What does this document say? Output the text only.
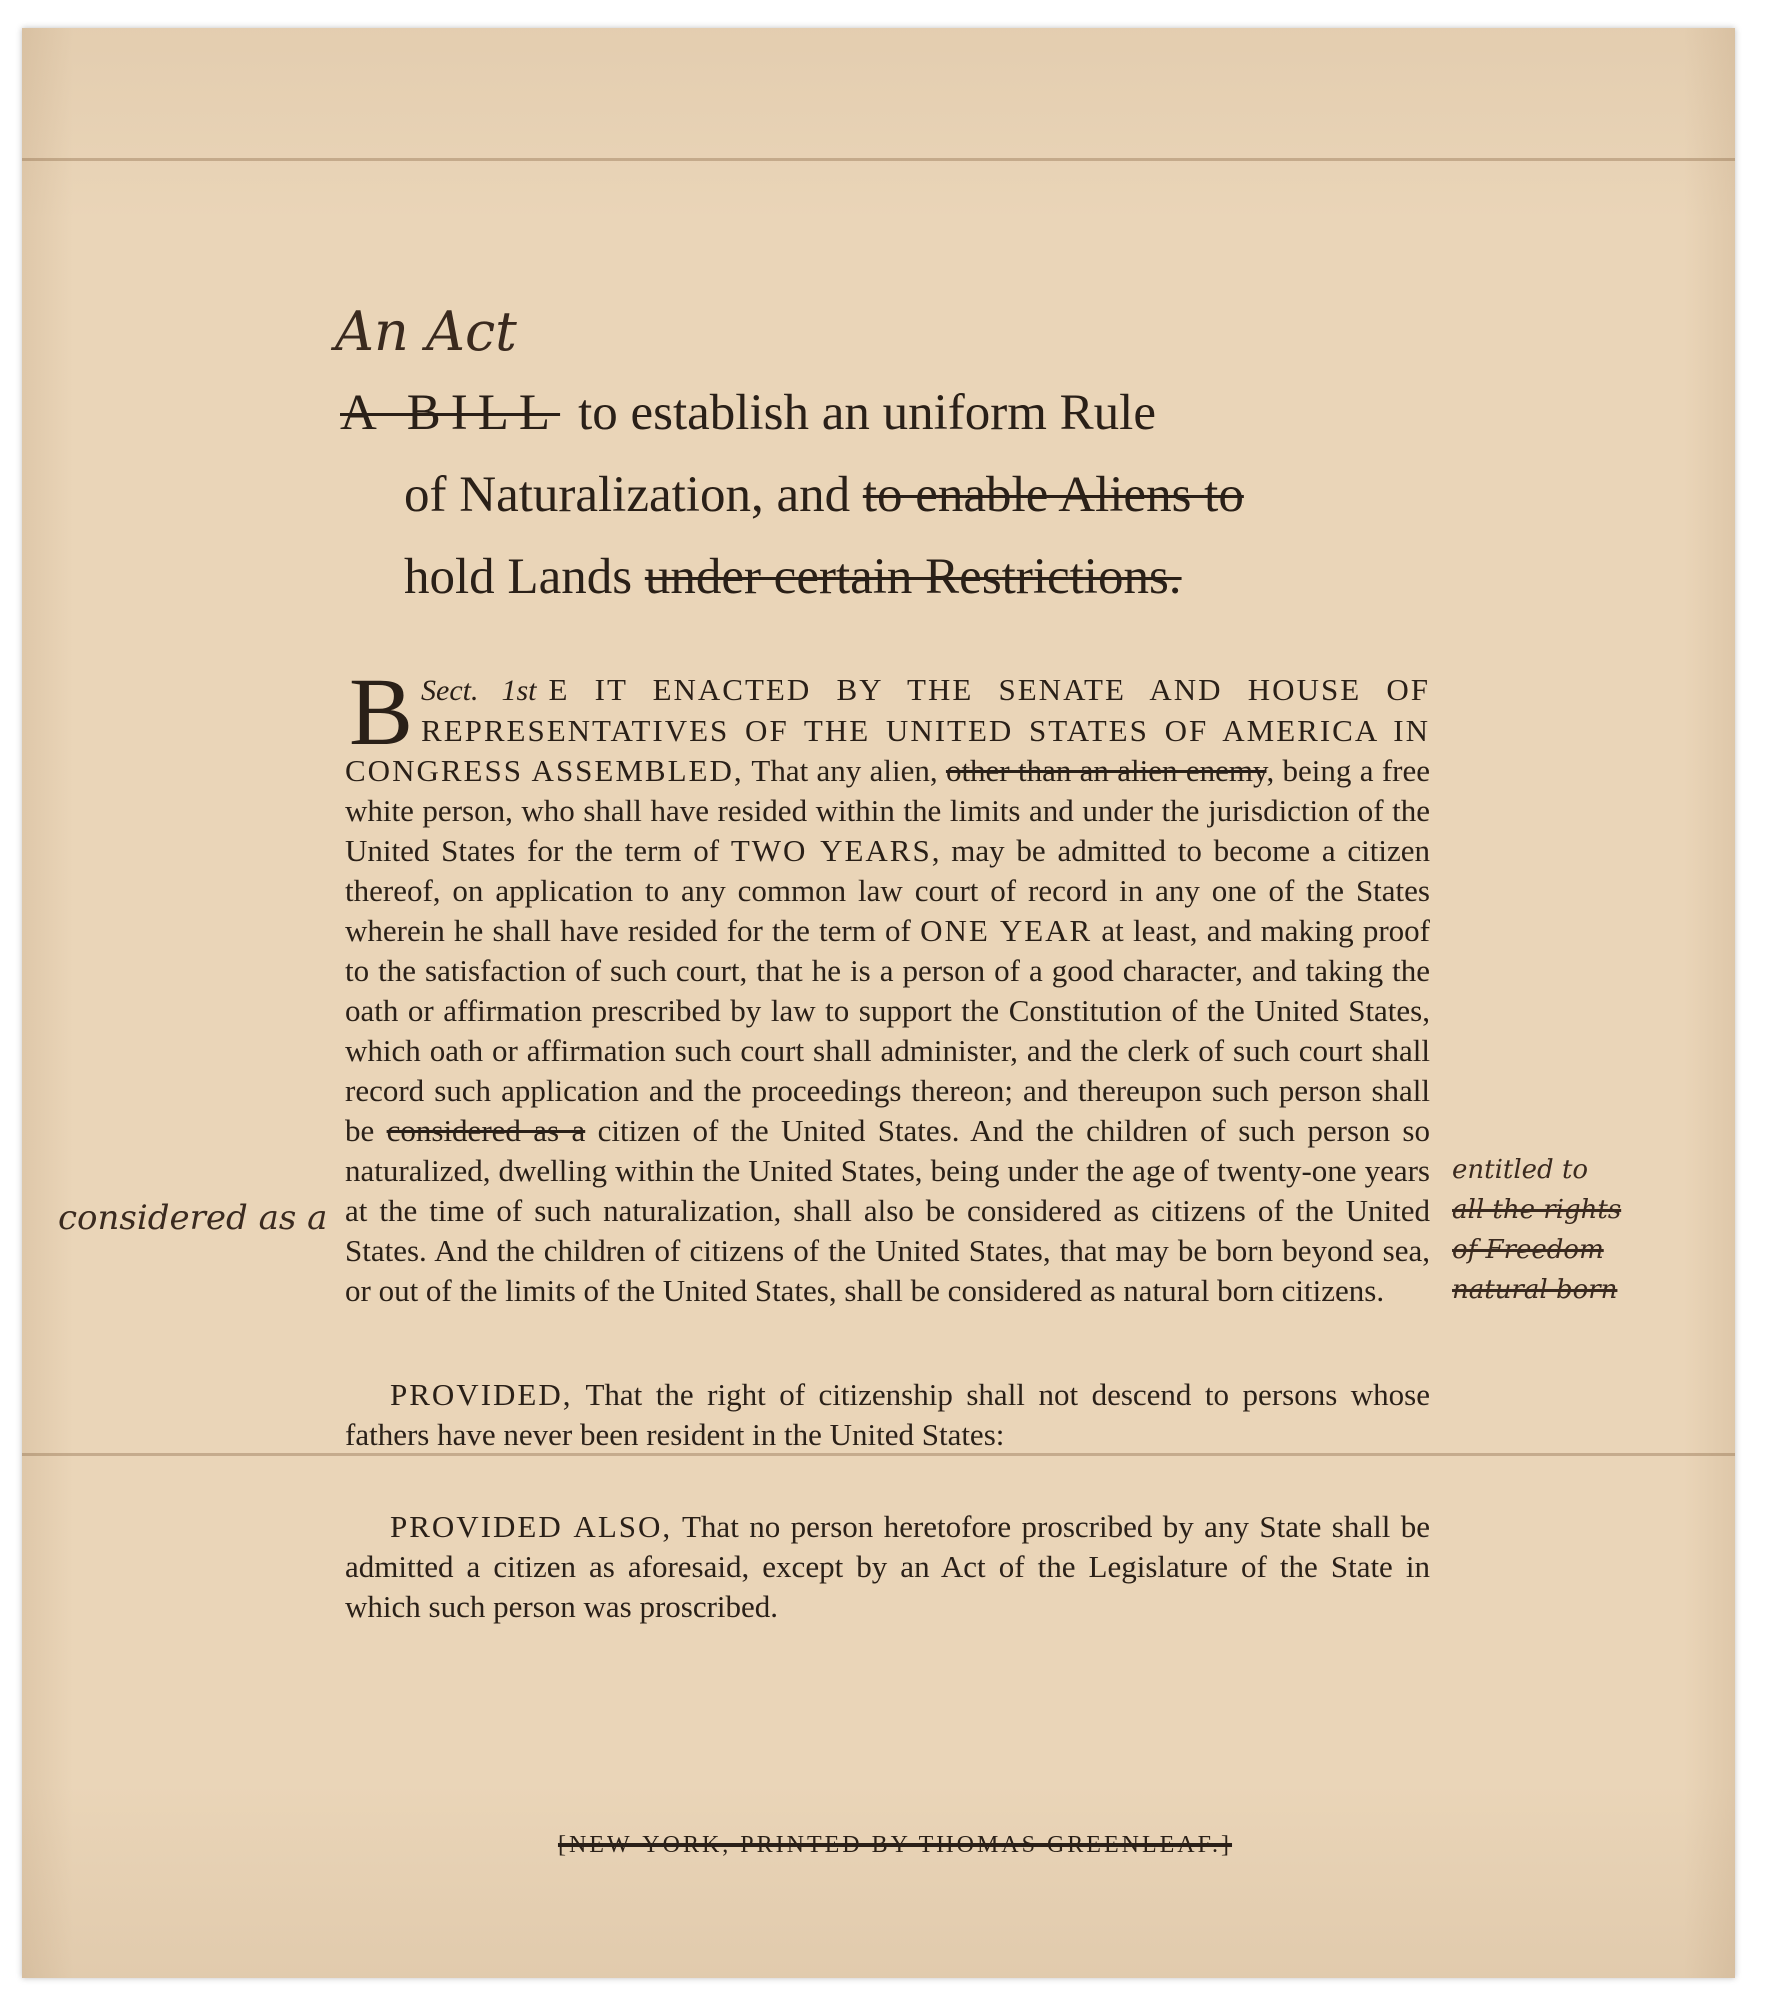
An Act
A BILL to establish an uniform Rule
of Naturalization, and to enable Aliens to
hold Lands under certain Restrictions.

Sect. 1st
B	E IT ENACTED BY THE SENATE AND HOUSE OF REPRESENTATIVES OF THE UNITED STATES OF AMERICA IN CONGRESS ASSEMBLED, That any alien, other than an alien enemy, being a free white person, who shall have resided within the limits and under the jurisdiction of the United States for the term of TWO YEARS, may be admitted to become a citizen thereof, on application to any common law court of record in any one of the States wherein he shall have resided for the term of ONE YEAR at least, and making proof to the satisfaction of such court, that he is a person of a good character, and taking the oath or affirmation prescribed by law to support the Constitution of the United States, which oath or affirmation such court shall administer, and the clerk of such court shall record such application and the proceedings thereon; and thereupon such person shall be considered as a citizen of the United States. And the children of such person so naturalized, dwelling within the United States, being under the age of twenty-one years at the time of such naturalization, shall also be considered as citizens of the United States. And the children of citizens of the United States, that may be born beyond sea, or out of the limits of the United States, shall be considered as natural born citizens.

PROVIDED, That the right of citizenship shall not descend to persons whose fathers have never been resident in the United States:

PROVIDED ALSO, That no person heretofore proscribed by any State shall be admitted a citizen as aforesaid, except by an Act of the Legislature of the State in which such person was proscribed.

[NEW-YORK, PRINTED BY THOMAS GREENLEAF.]
considered as a
entitled to
all the rights
of Freedom
natural born
